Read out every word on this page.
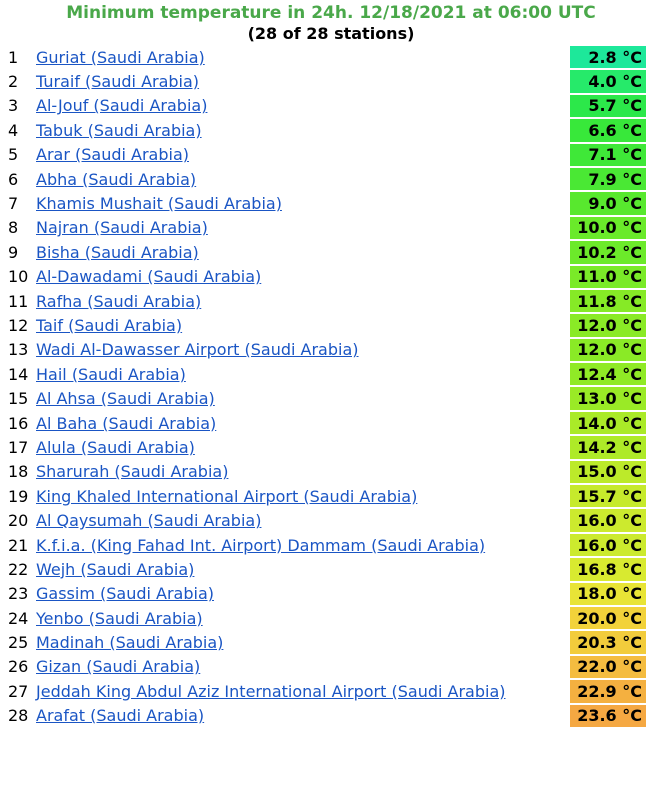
Minimum temperature in 24h. 12/18/2021 at 06:00 UTC
(28 of 28 stations)
1	Guriat (Saudi Arabia)	2.8 °C
2	Turaif (Saudi Arabia)	4.0 °C
3	Al-Jouf (Saudi Arabia)	5.7 °C
4	Tabuk (Saudi Arabia)	6.6 °C
5	Arar (Saudi Arabia)	7.1 °C
6	Abha (Saudi Arabia)	7.9 °C
7	Khamis Mushait (Saudi Arabia)	9.0 °C
8	Najran (Saudi Arabia)	10.0 °C
9	Bisha (Saudi Arabia)	10.2 °C
10	Al-Dawadami (Saudi Arabia)	11.0 °C
11	Rafha (Saudi Arabia)	11.8 °C
12	Taif (Saudi Arabia)	12.0 °C
13	Wadi Al-Dawasser Airport (Saudi Arabia)	12.0 °C
14	Hail (Saudi Arabia)	12.4 °C
15	Al Ahsa (Saudi Arabia)	13.0 °C
16	Al Baha (Saudi Arabia)	14.0 °C
17	Alula (Saudi Arabia)	14.2 °C
18	Sharurah (Saudi Arabia)	15.0 °C
19	King Khaled International Airport (Saudi Arabia)	15.7 °C
20	Al Qaysumah (Saudi Arabia)	16.0 °C
21	K.f.i.a. (King Fahad Int. Airport) Dammam (Saudi Arabia)	16.0 °C
22	Wejh (Saudi Arabia)	16.8 °C
23	Gassim (Saudi Arabia)	18.0 °C
24	Yenbo (Saudi Arabia)	20.0 °C
25	Madinah (Saudi Arabia)	20.3 °C
26	Gizan (Saudi Arabia)	22.0 °C
27	Jeddah King Abdul Aziz International Airport (Saudi Arabia)	22.9 °C
28	Arafat (Saudi Arabia)	23.6 °C
